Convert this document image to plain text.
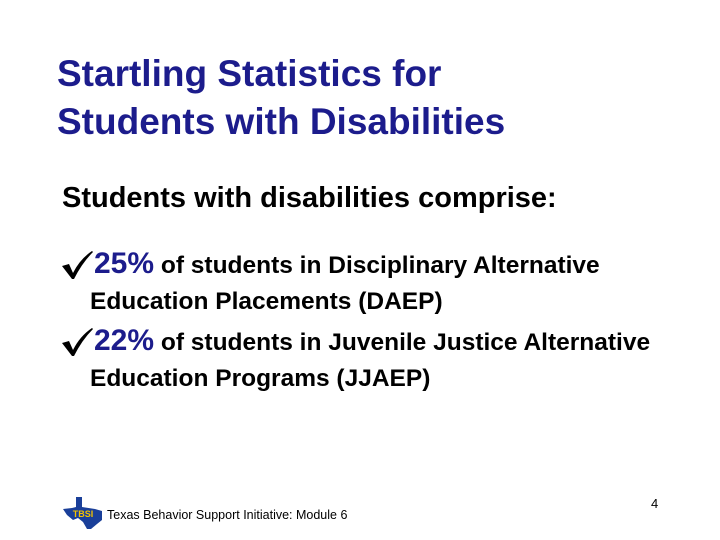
Startling Statistics for
Students with Disabilities

Students with disabilities comprise:

25% of students in Disciplinary Alternative Education Placements (DAEP)
22% of students in Juvenile Justice Alternative Education Programs (JJAEP)
4
TBSI Texas Behavior Support Initiative: Module 6
